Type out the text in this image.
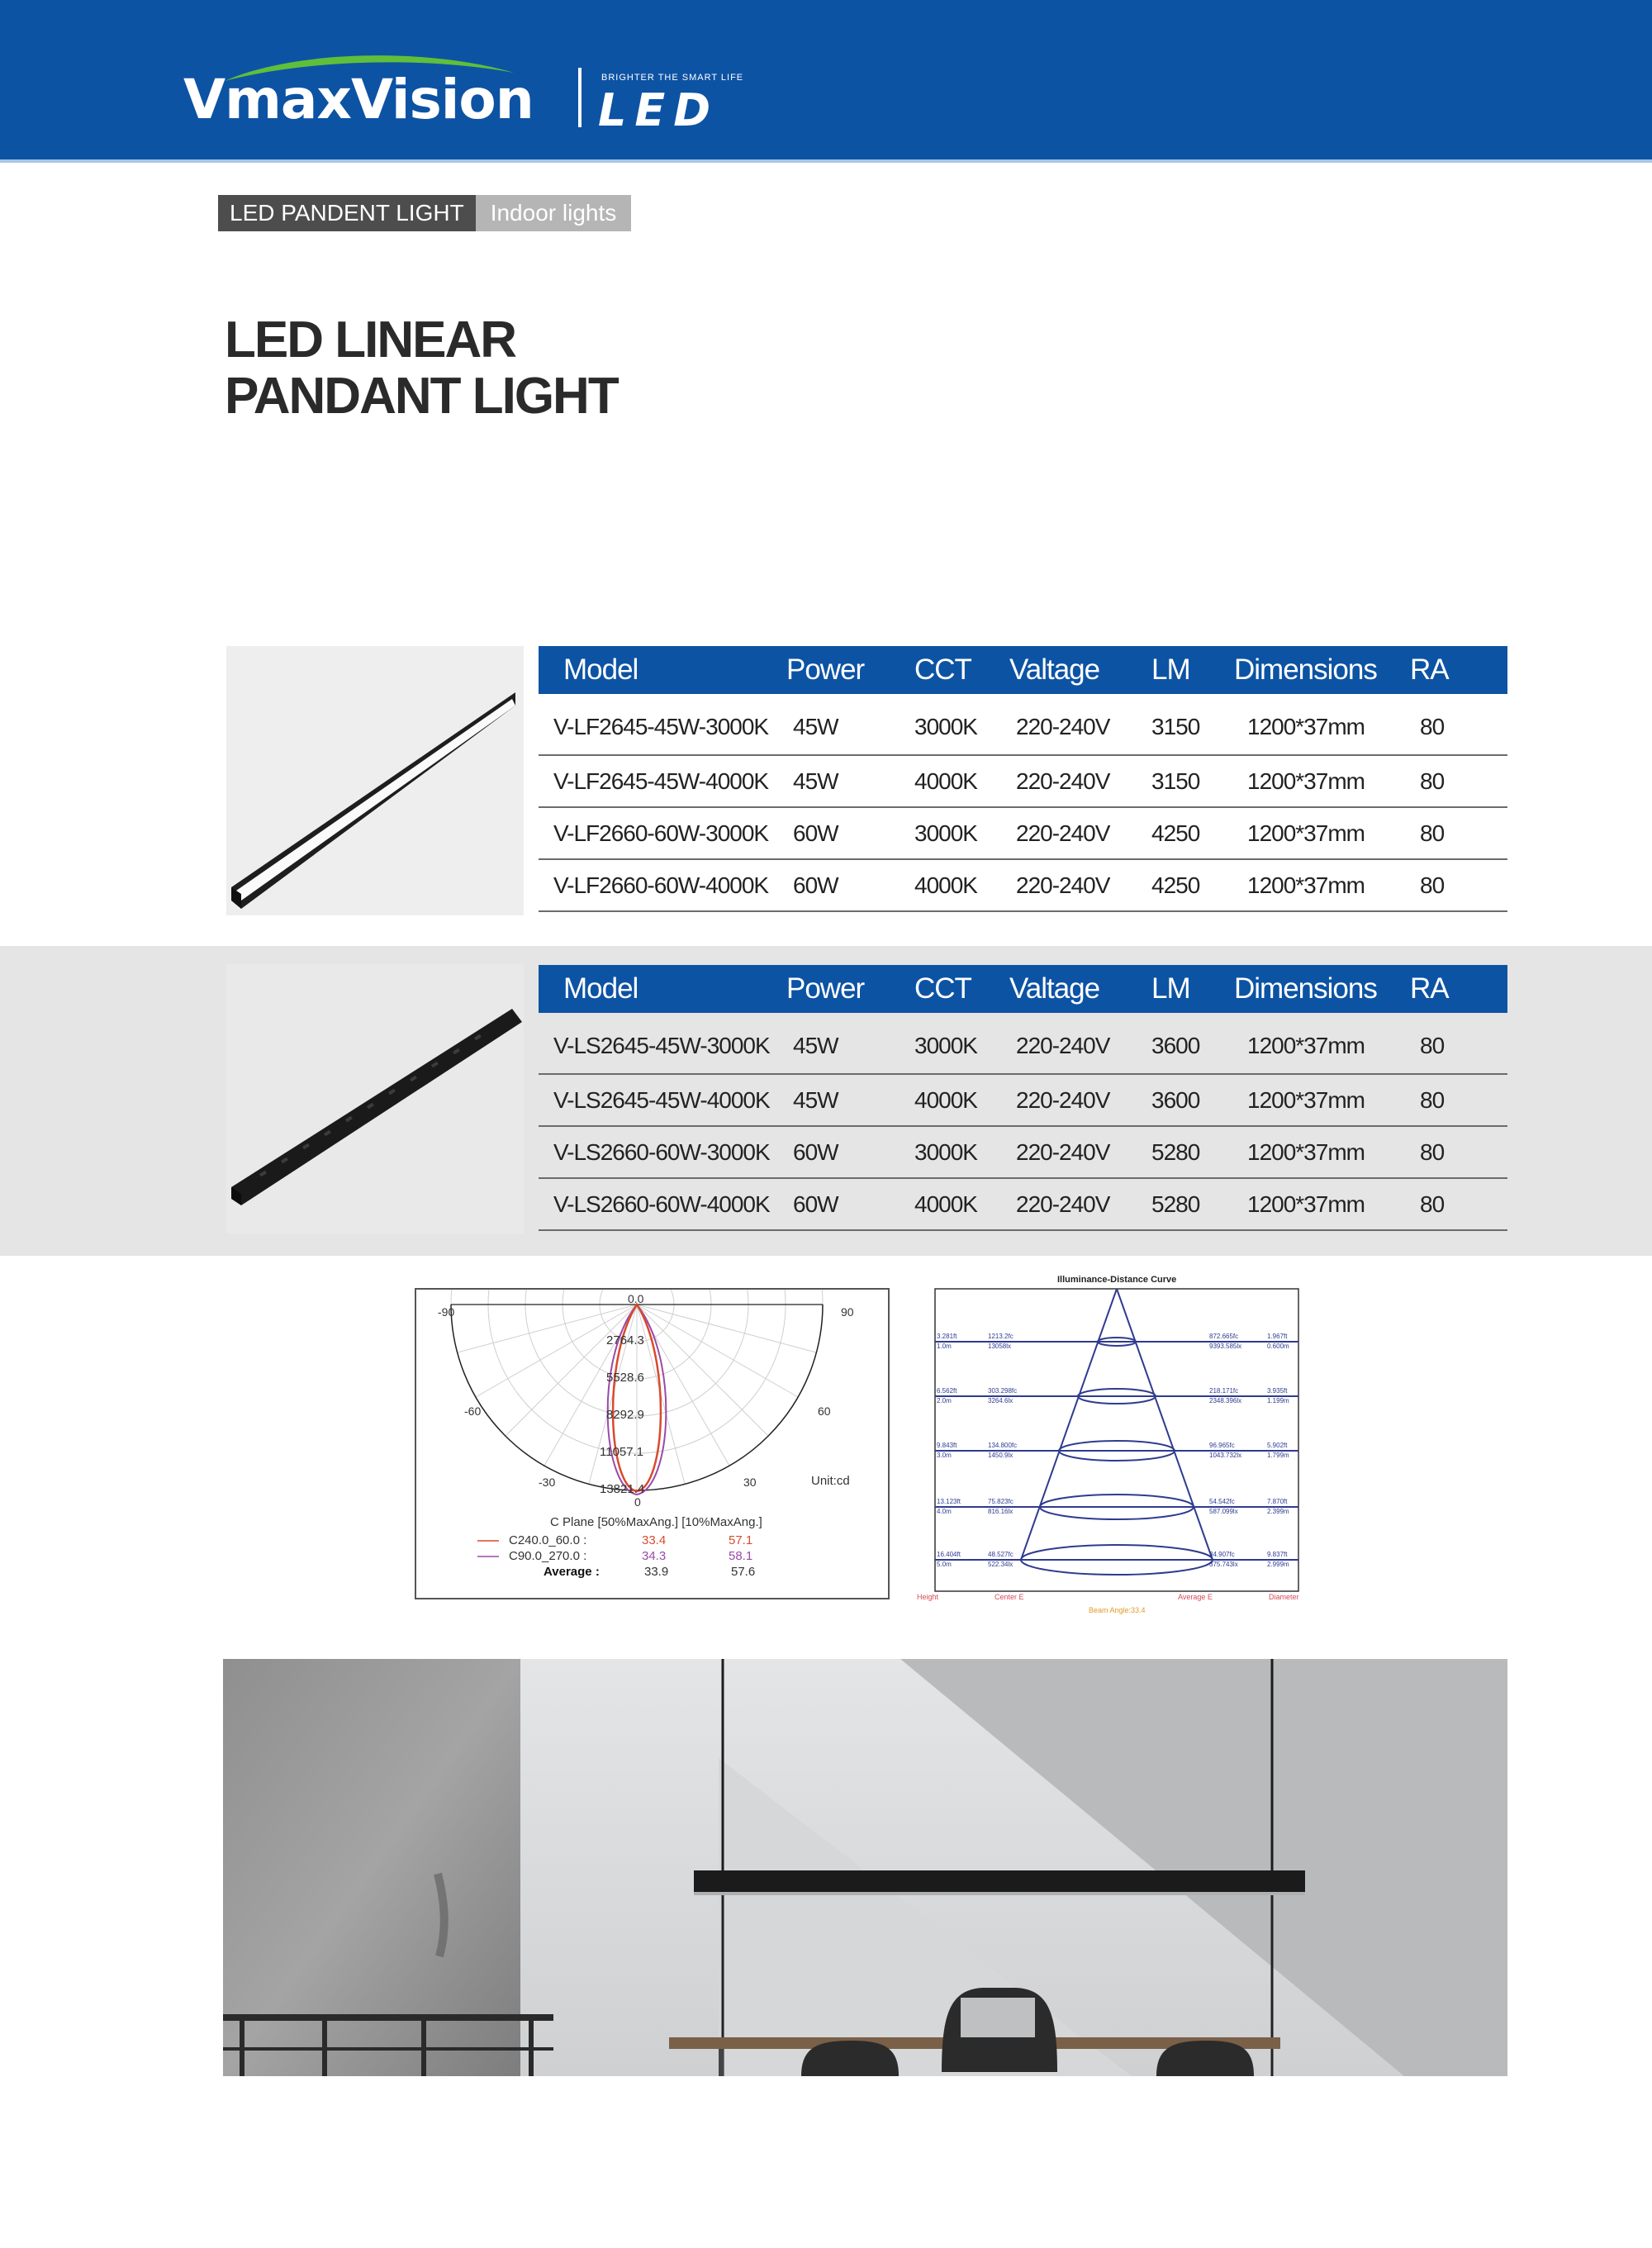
VmaxVision	BRIGHTER THE SMART LIFE
LED
LED PANDENT LIGHT	Indoor lights
LED LINEAR
PANDANT LIGHT
Model	Power	CCT	Valtage	LM	Dimensions	RA
V-LF2645-45W-3000K	45W	3000K	220-240V	3150	1200*37mm	80
V-LF2645-45W-4000K	45W	4000K	220-240V	3150	1200*37mm	80
V-LF2660-60W-3000K	60W	3000K	220-240V	4250	1200*37mm	80
V-LF2660-60W-4000K	60W	4000K	220-240V	4250	1200*37mm	80
Model	Power	CCT	Valtage	LM	Dimensions	RA
V-LS2645-45W-3000K	45W	3000K	220-240V	3600	1200*37mm	80
V-LS2645-45W-4000K	45W	4000K	220-240V	3600	1200*37mm	80
V-LS2660-60W-3000K	60W	3000K	220-240V	5280	1200*37mm	80
V-LS2660-60W-4000K	60W	4000K	220-240V	5280	1200*37mm	80
0.0
-90	90
-60	60
-30	30
0
2764.3
5528.6
8292.9
11057.1
13821.4
Unit:cd
C Plane [50%MaxAng.] [10%MaxAng.]
C240.0_60.0 :	33.4	57.1
C90.0_270.0 :	34.3	58.1
Average :	33.9	57.6
Illuminance-Distance Curve
3.281ft
1.0m
1213.2fc
13058lx
872.665fc
9393.585lx
1.967ft
0.600m
6.562ft
2.0m
303.298fc
3264.6lx
218.171fc
2348.396lx
3.935ft
1.199m
9.843ft
3.0m
134.800fc
1450.9lx
96.965fc
1043.732lx
5.902ft
1.799m
13.123ft
4.0m
75.823fc
816.16lx
54.542fc
587.099lx
7.870ft
2.399m
16.404ft
5.0m
48.527fc
522.34lx
34.907fc
375.743lx
9.837ft
2.999m
Height	Center E	Average E	Diameter
Beam Angle:33.4
